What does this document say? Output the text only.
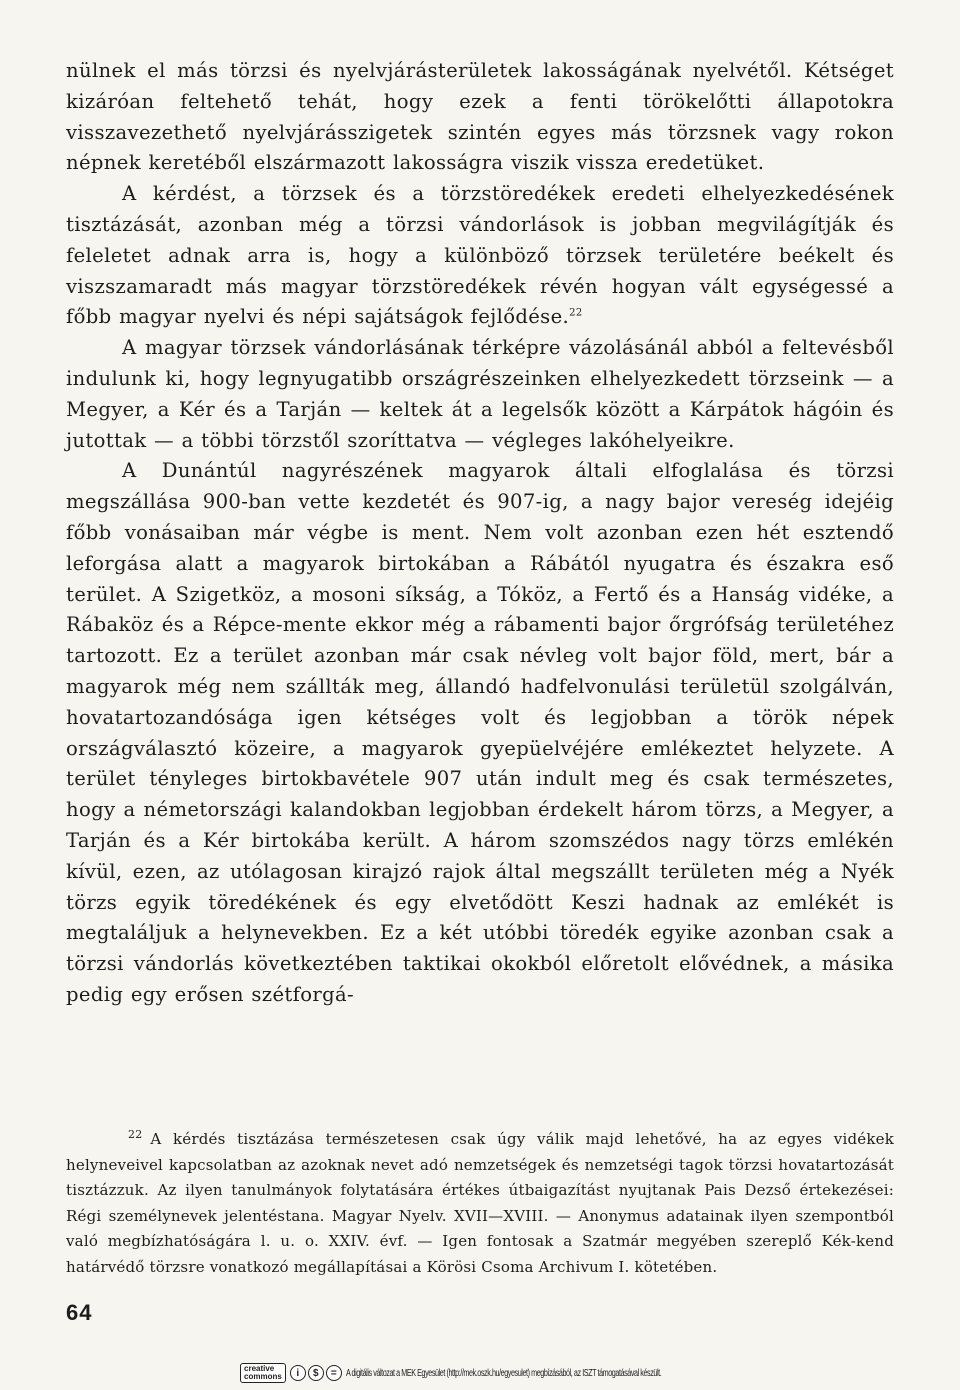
nülnek el más törzsi és nyelvjárásterületek lakosságának nyelvétől. Kétséget kizáróan feltehető tehát, hogy ezek a fenti törökelőtti állapotokra visszavezethető nyelvjárásszigetek szintén egyes más törzsnek vagy rokon népnek keretéből elszármazott lakosságra viszik vissza eredetüket.

A kérdést, a törzsek és a törzstöredékek eredeti elhelyezkedésének tisztázását, azonban még a törzsi vándorlások is jobban megvilágítják és feleletet adnak arra is, hogy a különböző törzsek területére beékelt és viszszamaradt más magyar törzstöredékek révén hogyan vált egységessé a főbb magyar nyelvi és népi sajátságok fejlődése.$^{22}$

A magyar törzsek vándorlásának térképre vázolásánál abból a feltevésből indulunk ki, hogy legnyugatibb országrészeinken elhelyezkedett törzseink — a Megyer, a Kér és a Tarján — keltek át a legelsők között a Kárpátok hágóin és jutottak — a többi törzstől szoríttatva — végleges lakóhelyeikre.

A Dunántúl nagyrészének magyarok általi elfoglalása és törzsi megszállása 900-ban vette kezdetét és 907-ig, a nagy bajor vereség idejéig főbb vonásaiban már végbe is ment. Nem volt azonban ezen hét esztendő leforgása alatt a magyarok birtokában a Rábától nyugatra és északra eső terület. A Szigetköz, a mosoni síkság, a Tóköz, a Fertő és a Hanság vidéke, a Rábaköz és a Répce-mente ekkor még a rábamenti bajor őrgrófság területéhez tartozott. Ez a terület azonban már csak névleg volt bajor föld, mert, bár a magyarok még nem szállták meg, állandó hadfelvonulási területül szolgálván, hovatartozandósága igen kétséges volt és legjobban a török népek országválasztó közeire, a magyarok gyepüelvéjére emlékeztet helyzete. A terület tényleges birtokbavétele 907 után indult meg és csak természetes, hogy a németországi kalandokban legjobban érdekelt három törzs, a Megyer, a Tarján és a Kér birtokába került. A három szomszédos nagy törzs emlékén kívül, ezen, az utólagosan kirajzó rajok által megszállt területen még a Nyék törzs egyik töredékének és egy elvetődött Keszi hadnak az emlékét is megtaláljuk a helynevekben. Ez a két utóbbi töredék egyike azonban csak a törzsi vándorlás következtében taktikai okokból előretolt elővédnek, a másika pedig egy erősen szétforgá-

$^{22}$ A kérdés tisztázása természetesen csak úgy válik majd lehetővé, ha az egyes vidékek helyneveivel kapcsolatban az azoknak nevet adó nemzetségek és nemzetségi tagok törzsi hovatartozását tisztázzuk. Az ilyen tanulmányok folytatására értékes útbaigazítást nyujtanak Pais Dezső értekezései: Régi személynevek jelentéstana. Magyar Nyelv. XVII—XVIII. — Anonymus adatainak ilyen szempontból való megbízhatóságára l. u. o. XXIV. évf. — Igen fontosak a Szatmár megyében szereplő Kék-kend határvédő törzsre vonatkozó megállapításai a Körösi Csoma Archivum I. kötetében.

64
creative
commons	i	$	= A digitális változat a MEK Egyesület (http://mek.oszk.hu/egyesulet) megbízásából, az ISZT támogatásával készült.
